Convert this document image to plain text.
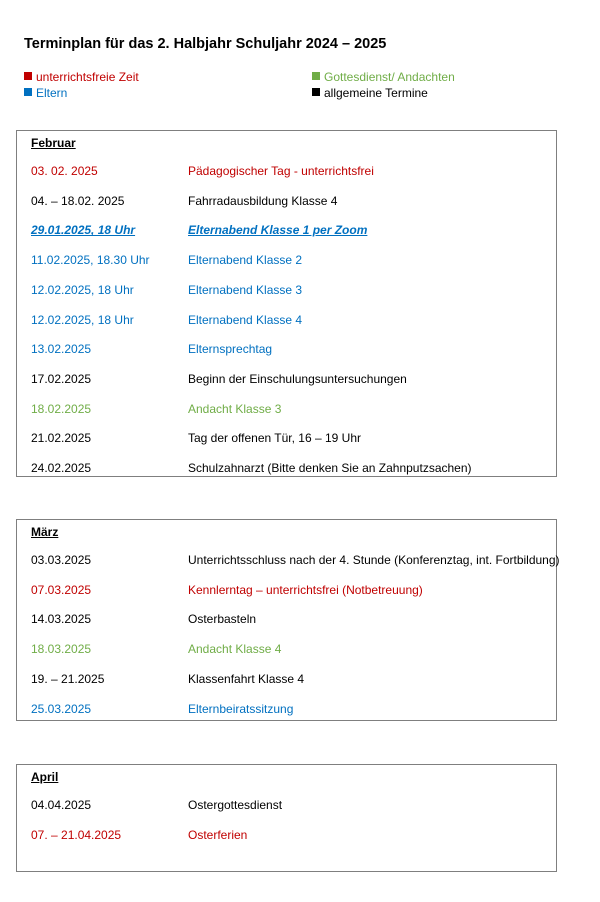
Terminplan für das 2. Halbjahr Schuljahr 2024 – 2025
unterrichtsfreie Zeit
Eltern
Gottesdienst/ Andachten
allgemeine Termine
Februar
03. 02. 2025	Pädagogischer Tag - unterrichtsfrei
04. – 18.02. 2025	Fahrradausbildung Klasse 4
29.01.2025, 18 Uhr	Elternabend Klasse 1 per Zoom
11.02.2025, 18.30 Uhr	Elternabend Klasse 2
12.02.2025, 18 Uhr	Elternabend Klasse 3
12.02.2025, 18 Uhr	Elternabend Klasse 4
13.02.2025	Elternsprechtag
17.02.2025	Beginn der Einschulungsuntersuchungen
18.02.2025	Andacht Klasse 3
21.02.2025	Tag der offenen Tür, 16 – 19 Uhr
24.02.2025	Schulzahnarzt (Bitte denken Sie an Zahnputzsachen)
März
03.03.2025	Unterrichtsschluss nach der 4. Stunde (Konferenztag, int. Fortbildung)
07.03.2025	Kennlerntag – unterrichtsfrei (Notbetreuung)
14.03.2025	Osterbasteln
18.03.2025	Andacht Klasse 4
19. – 21.2025	Klassenfahrt Klasse 4
25.03.2025	Elternbeiratssitzung
April
04.04.2025	Ostergottesdienst
07. – 21.04.2025	Osterferien
